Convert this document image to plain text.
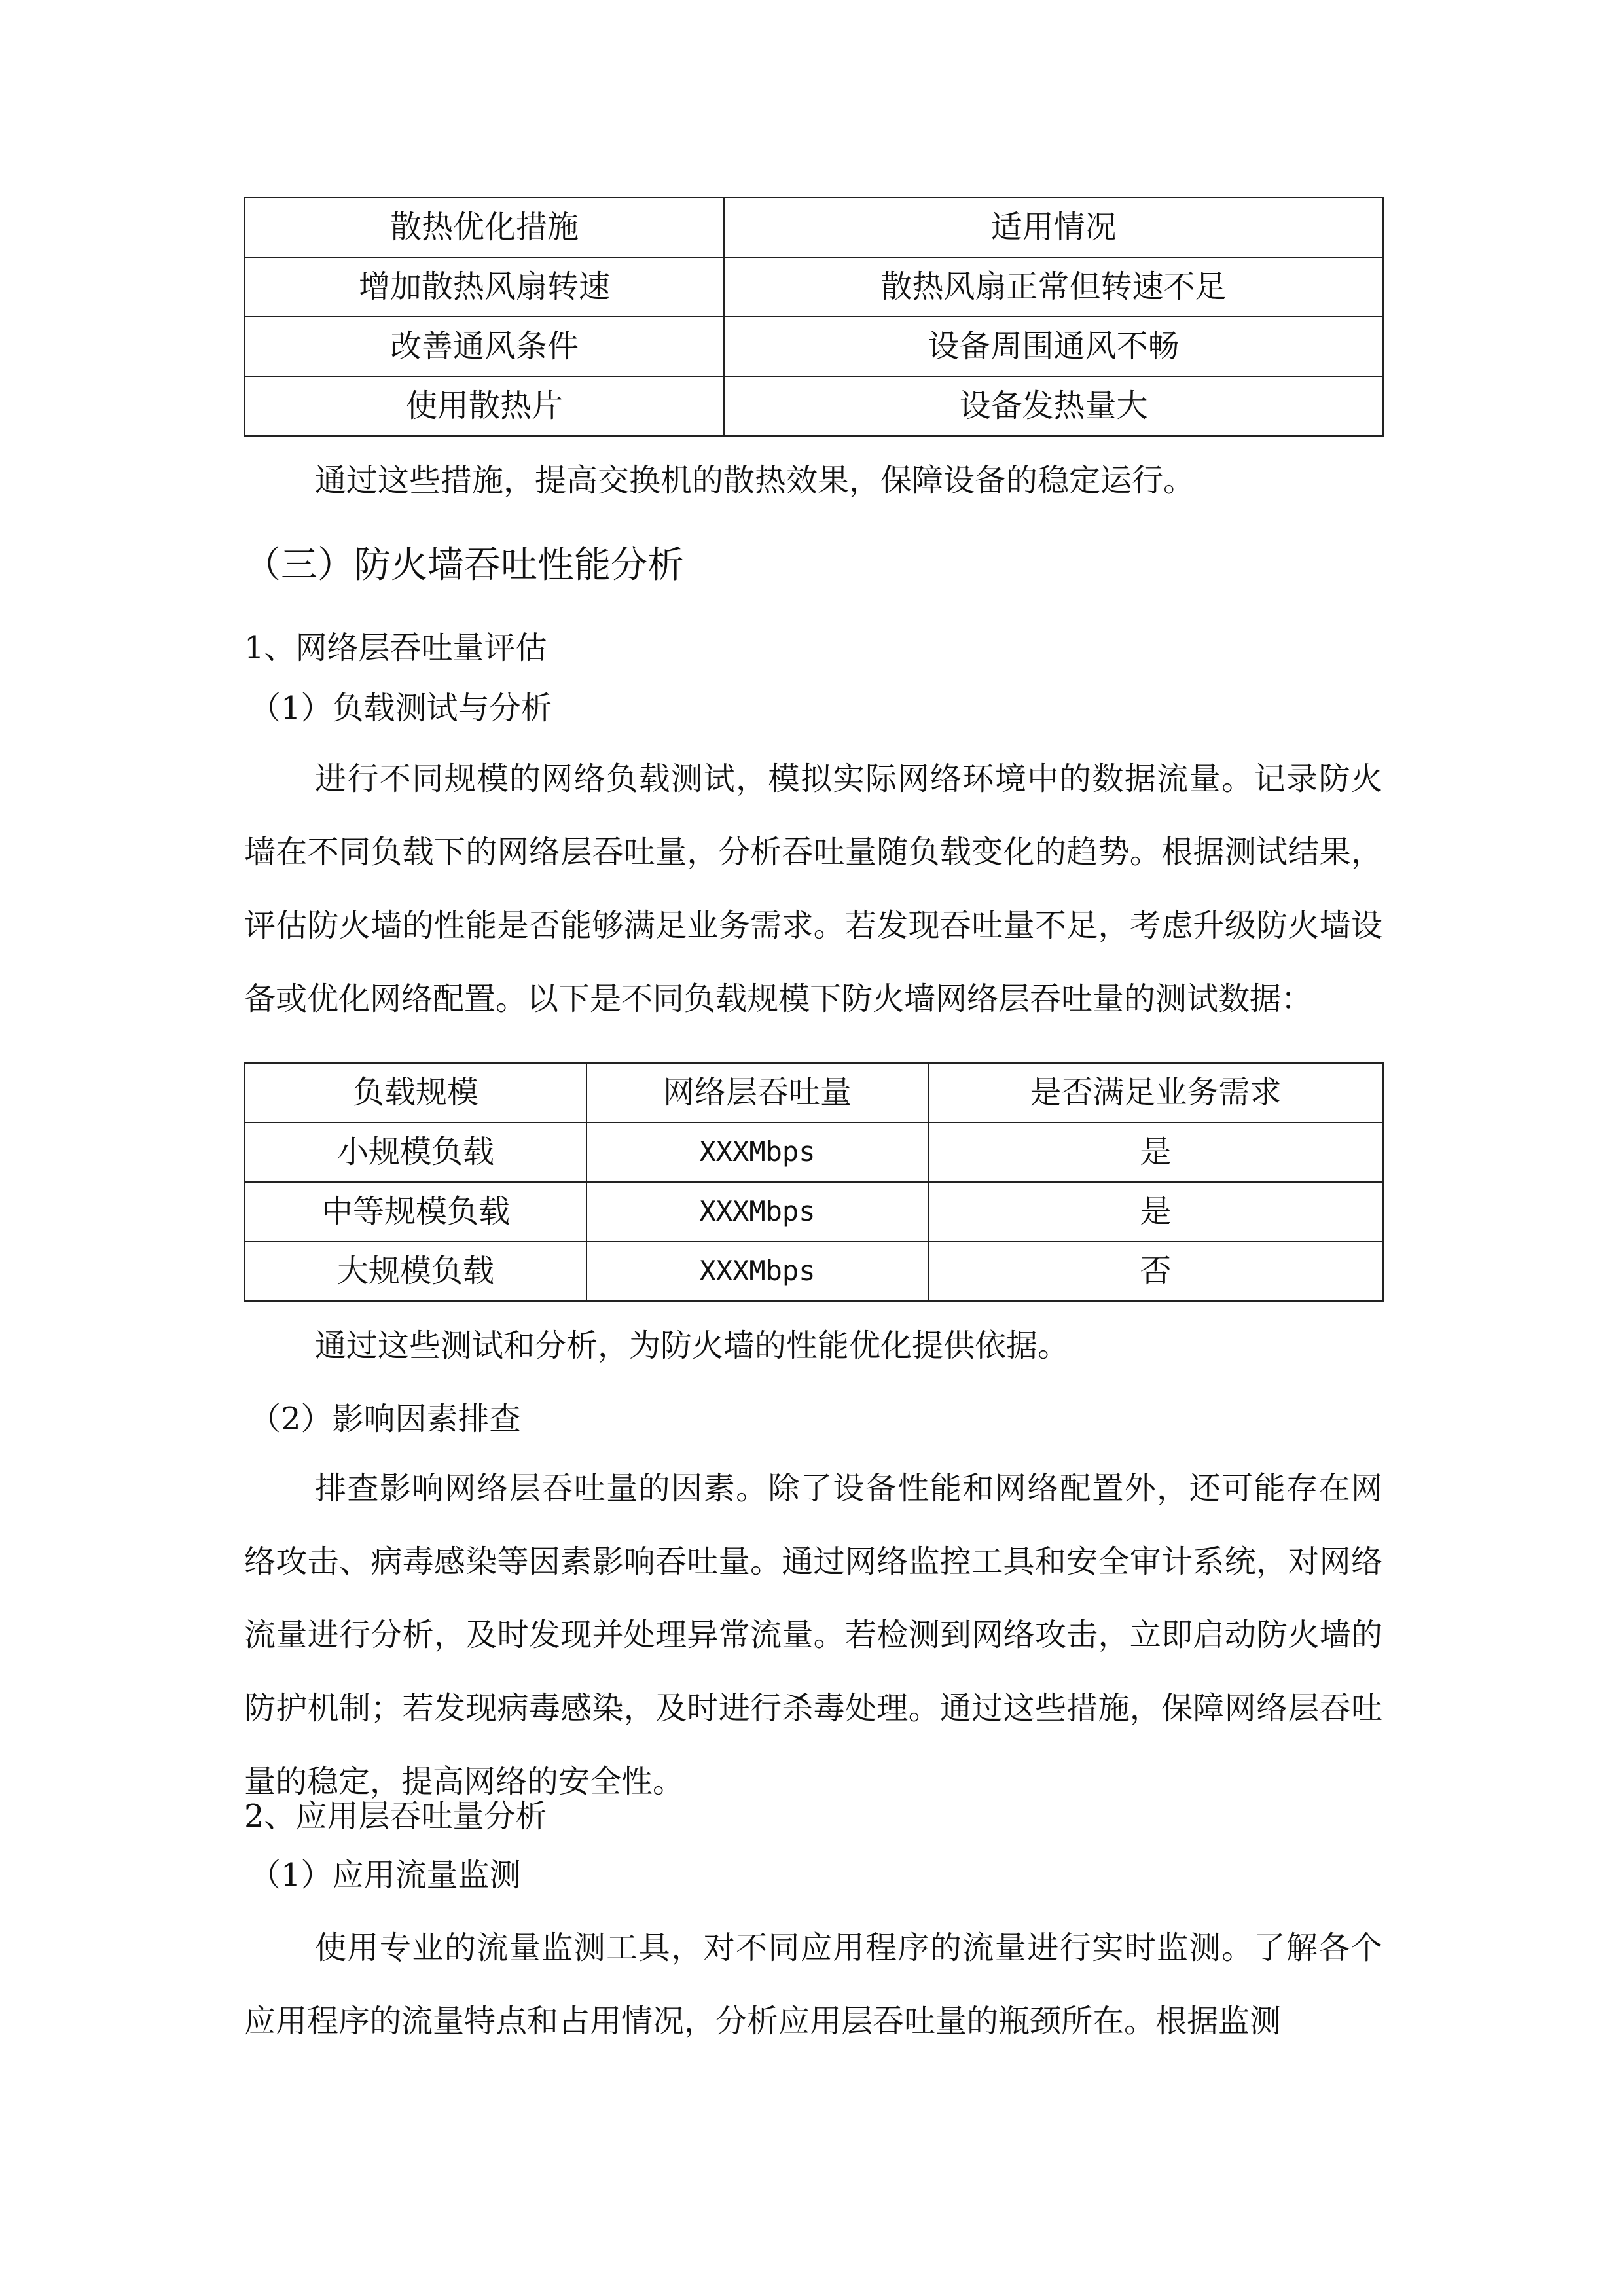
散热优化措施	适用情况
增加散热风扇转速	散热风扇正常但转速不足
改善通风条件	设备周围通风不畅
使用散热片	设备发热量大

通过这些措施，提高交换机的散热效果，保障设备的稳定运行。

（三）防火墙吞吐性能分析
1、网络层吞吐量评估
（1）负载测试与分析

进行不同规模的网络负载测试，模拟实际网络环境中的数据流量。记录防火墙在不同负载下的网络层吞吐量，分析吞吐量随负载变化的趋势。根据测试结果，评估防火墙的性能是否能够满足业务需求。若发现吞吐量不足，考虑升级防火墙设备或优化网络配置。以下是不同负载规模下防火墙网络层吞吐量的测试数据：

负载规模	网络层吞吐量	是否满足业务需求
小规模负载	XXXMbps	是
中等规模负载	XXXMbps	是
大规模负载	XXXMbps	否

通过这些测试和分析，为防火墙的性能优化提供依据。

（2）影响因素排查

排查影响网络层吞吐量的因素。除了设备性能和网络配置外，还可能存在网络攻击、病毒感染等因素影响吞吐量。通过网络监控工具和安全审计系统，对网络流量进行分析，及时发现并处理异常流量。若检测到网络攻击，立即启动防火墙的防护机制；若发现病毒感染，及时进行杀毒处理。通过这些措施，保障网络层吞吐量的稳定，提高网络的安全性。

2、应用层吞吐量分析
（1）应用流量监测

使用专业的流量监测工具，对不同应用程序的流量进行实时监测。了解各个应用程序的流量特点和占用情况，分析应用层吞吐量的瓶颈所在。根据监测
